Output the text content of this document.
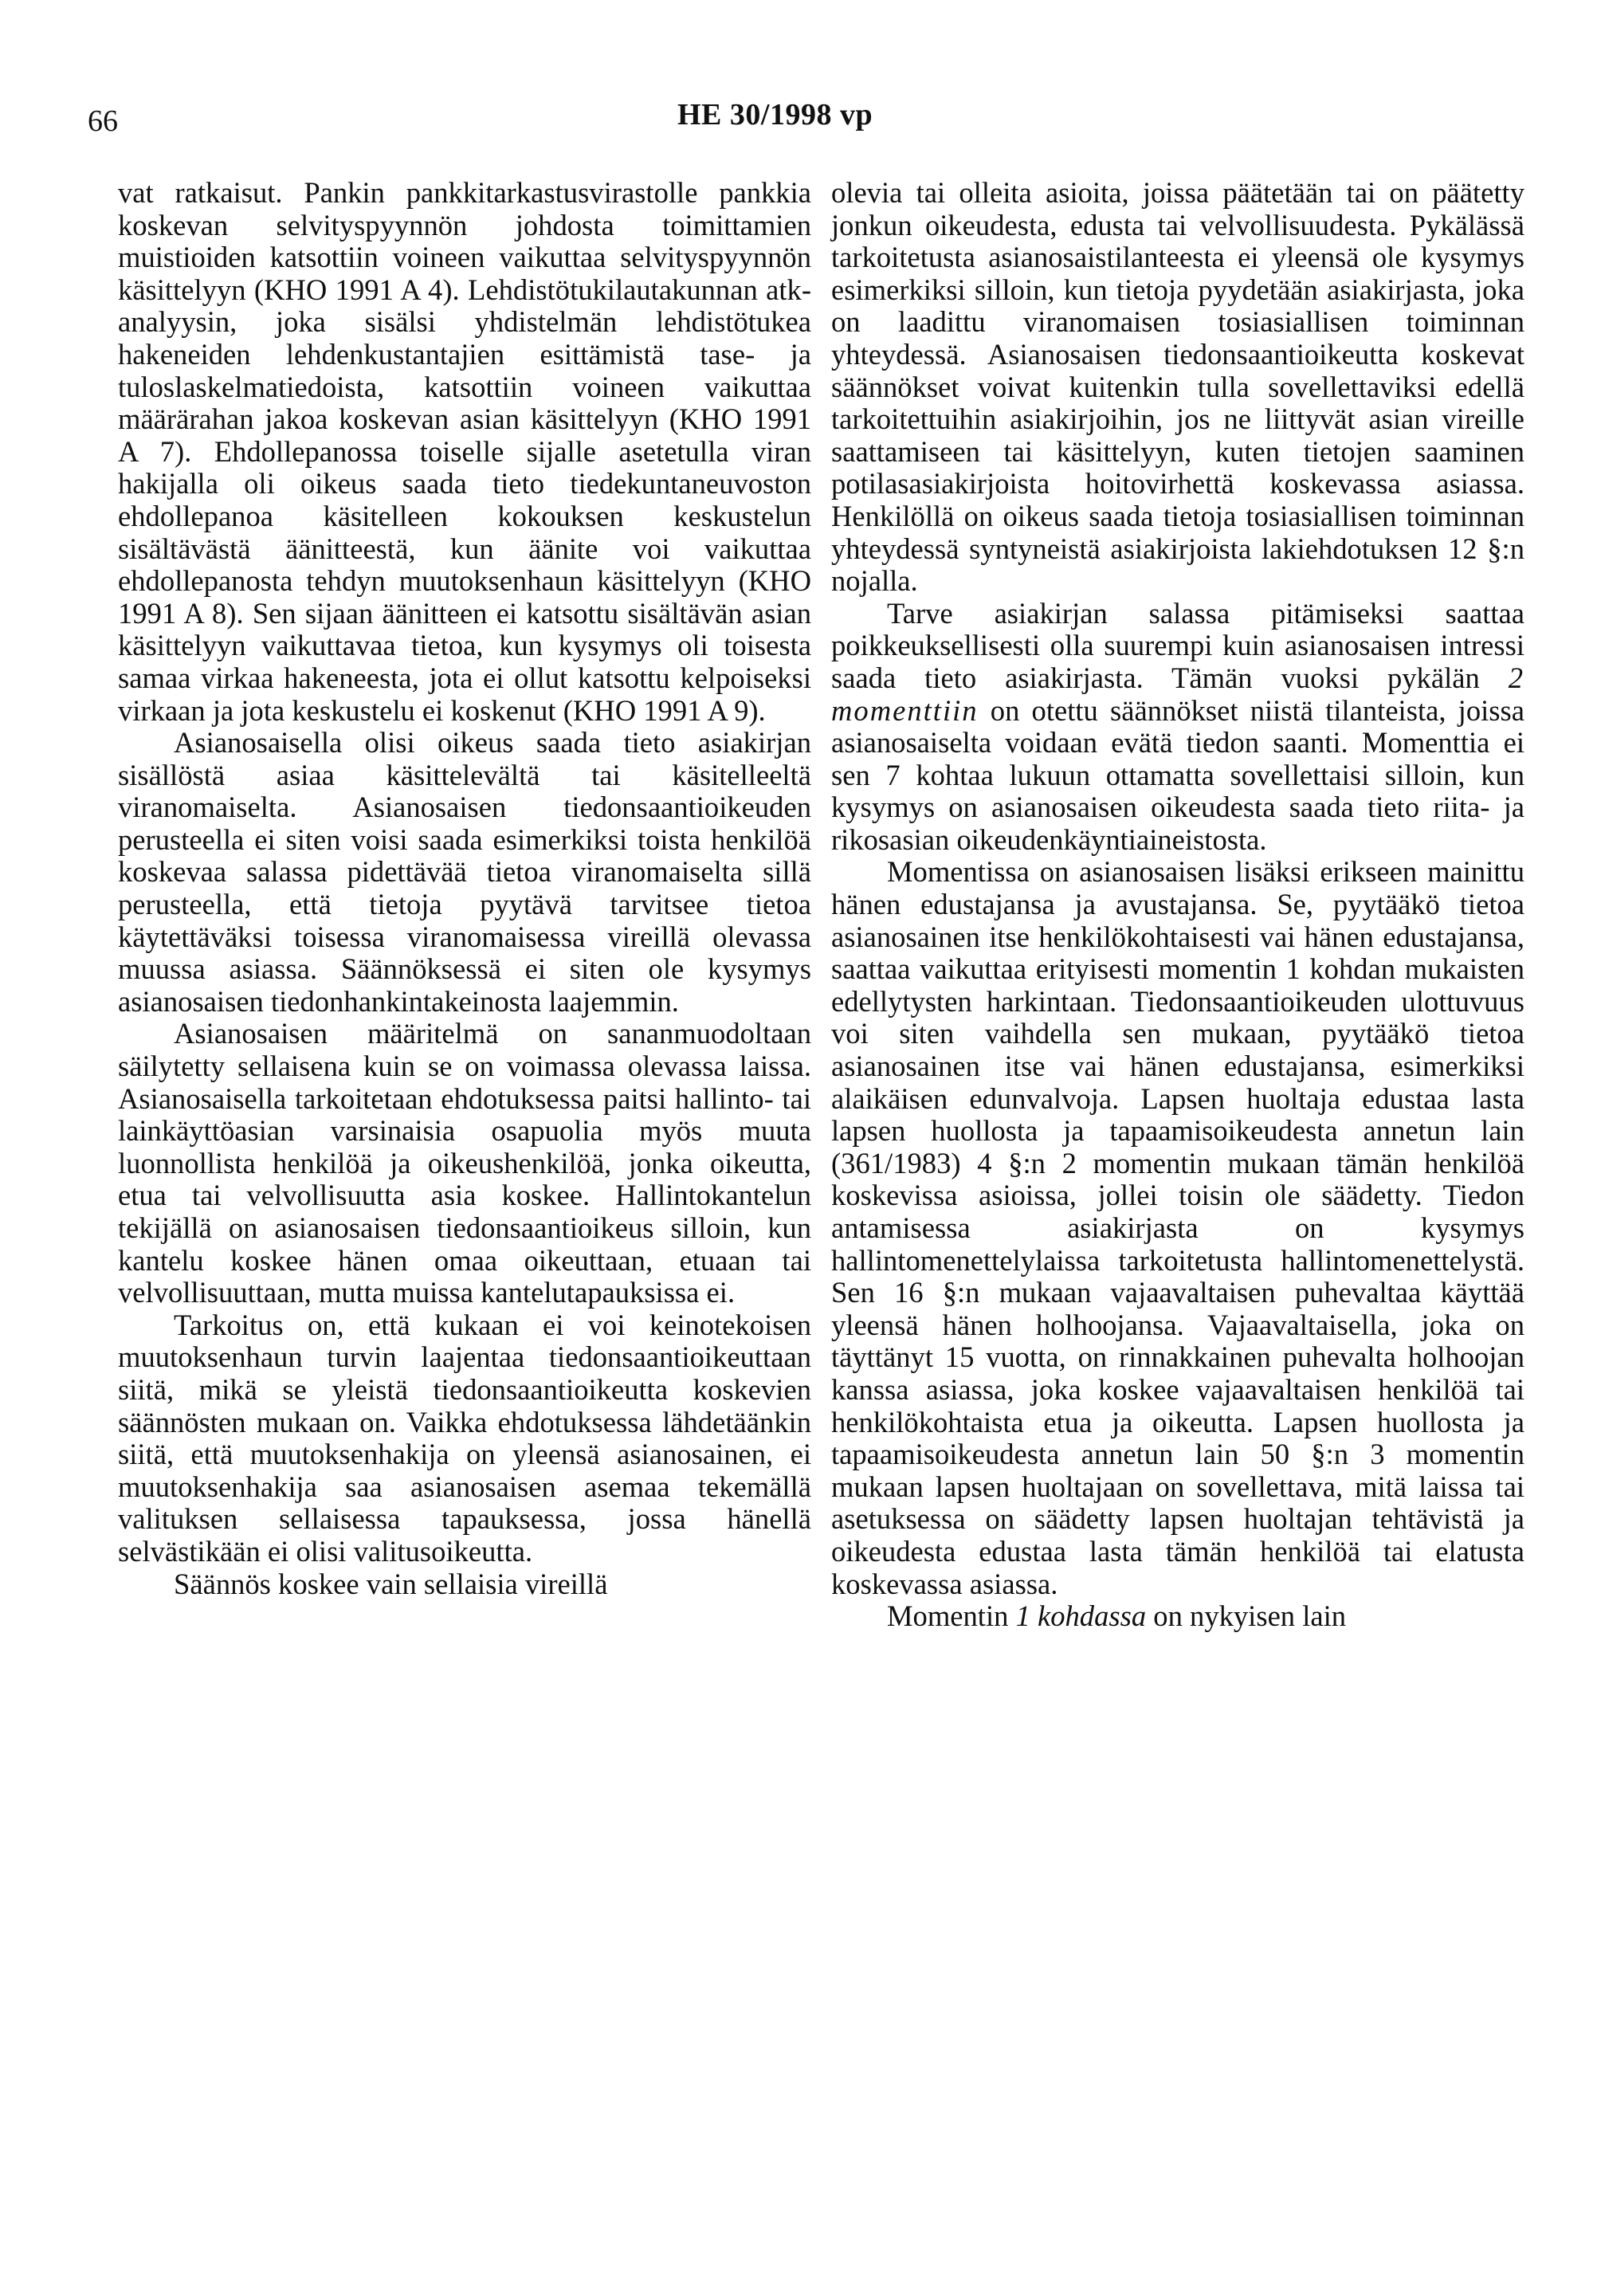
66	HE 30/1998 vp

vat ratkaisut. Pankin pankkitarkastusvirastolle pankkia koskevan selvityspyynnön johdosta toimittamien muistioiden katsottiin voineen vaikuttaa selvityspyynnön käsittelyyn (KHO 1991 A 4). Lehdistötukilautakunnan atk-analyysin, joka sisälsi yhdistelmän lehdistötukea hakeneiden lehdenkustantajien esittämistä tase- ja tuloslaskelmatiedoista, katsottiin voineen vaikuttaa määrärahan jakoa koskevan asian käsittelyyn (KHO 1991 A 7). Ehdollepanossa toiselle sijalle asetetulla viran hakijalla oli oikeus saada tieto tiedekuntaneuvoston ehdollepanoa käsitelleen kokouksen keskustelun sisältävästä äänitteestä, kun äänite voi vaikuttaa ehdollepanosta tehdyn muutoksenhaun käsittelyyn (KHO 1991 A 8). Sen sijaan äänitteen ei katsottu sisältävän asian käsittelyyn vaikuttavaa tietoa, kun kysymys oli toisesta samaa virkaa hakeneesta, jota ei ollut katsottu kelpoiseksi virkaan ja jota keskustelu ei koskenut (KHO 1991 A 9).

Asianosaisella olisi oikeus saada tieto asiakirjan sisällöstä asiaa käsittelevältä tai käsitelleeltä viranomaiselta. Asianosaisen tiedonsaantioikeuden perusteella ei siten voisi saada esimerkiksi toista henkilöä koskevaa salassa pidettävää tietoa viranomaiselta sillä perusteella, että tietoja pyytävä tarvitsee tietoa käytettäväksi toisessa viranomaisessa vireillä olevassa muussa asiassa. Säännöksessä ei siten ole kysymys asianosaisen tiedonhankintakeinosta laajemmin.

Asianosaisen määritelmä on sananmuodoltaan säilytetty sellaisena kuin se on voimassa olevassa laissa. Asianosaisella tarkoitetaan ehdotuksessa paitsi hallinto- tai lainkäyttöasian varsinaisia osapuolia myös muuta luonnollista henkilöä ja oikeushenkilöä, jonka oikeutta, etua tai velvollisuutta asia koskee. Hallintokantelun tekijällä on asianosaisen tiedonsaantioikeus silloin, kun kantelu koskee hänen omaa oikeuttaan, etuaan tai velvollisuuttaan, mutta muissa kantelutapauksissa ei.

Tarkoitus on, että kukaan ei voi keinotekoisen muutoksenhaun turvin laajentaa tiedonsaantioikeuttaan siitä, mikä se yleistä tiedonsaantioikeutta koskevien säännösten mukaan on. Vaikka ehdotuksessa lähdetäänkin siitä, että muutoksenhakija on yleensä asianosainen, ei muutoksenhakija saa asianosaisen asemaa tekemällä valituksen sellaisessa tapauksessa, jossa hänellä selvästikään ei olisi valitusoikeutta.

Säännös koskee vain sellaisia vireillä

olevia tai olleita asioita, joissa päätetään tai on päätetty jonkun oikeudesta, edusta tai velvollisuudesta. Pykälässä tarkoitetusta asianosaistilanteesta ei yleensä ole kysymys esimerkiksi silloin, kun tietoja pyydetään asiakirjasta, joka on laadittu viranomaisen tosiasiallisen toiminnan yhteydessä. Asianosaisen tiedonsaantioikeutta koskevat säännökset voivat kuitenkin tulla sovellettaviksi edellä tarkoitettuihin asiakirjoihin, jos ne liittyvät asian vireille saattamiseen tai käsittelyyn, kuten tietojen saaminen potilasasiakirjoista hoitovirhettä koskevassa asiassa. Henkilöllä on oikeus saada tietoja tosiasiallisen toiminnan yhteydessä syntyneistä asiakirjoista lakiehdotuksen 12 §:n nojalla.

Tarve asiakirjan salassa pitämiseksi saattaa poikkeuksellisesti olla suurempi kuin asianosaisen intressi saada tieto asiakirjasta. Tämän vuoksi pykälän 2 momenttiin on otettu säännökset niistä tilanteista, joissa asianosaiselta voidaan evätä tiedon saanti. Momenttia ei sen 7 kohtaa lukuun ottamatta sovellettaisi silloin, kun kysymys on asianosaisen oikeudesta saada tieto riita- ja rikosasian oikeudenkäyntiaineistosta.

Momentissa on asianosaisen lisäksi erikseen mainittu hänen edustajansa ja avustajansa. Se, pyytääkö tietoa asianosainen itse henkilökohtaisesti vai hänen edustajansa, saattaa vaikuttaa erityisesti momentin 1 kohdan mukaisten edellytysten harkintaan. Tiedonsaantioikeuden ulottuvuus voi siten vaihdella sen mukaan, pyytääkö tietoa asianosainen itse vai hänen edustajansa, esimerkiksi alaikäisen edunvalvoja. Lapsen huoltaja edustaa lasta lapsen huollosta ja tapaamisoikeudesta annetun lain (361/1983) 4 §:n 2 momentin mukaan tämän henkilöä koskevissa asioissa, jollei toisin ole säädetty. Tiedon antamisessa asiakirjasta on kysymys hallintomenettelylaissa tarkoitetusta hallintomenettelystä. Sen 16 §:n mukaan vajaavaltaisen puhevaltaa käyttää yleensä hänen holhoojansa. Vajaavaltaisella, joka on täyttänyt 15 vuotta, on rinnakkainen puhevalta holhoojan kanssa asiassa, joka koskee vajaavaltaisen henkilöä tai henkilökohtaista etua ja oikeutta. Lapsen huollosta ja tapaamisoikeudesta annetun lain 50 §:n 3 momentin mukaan lapsen huoltajaan on sovellettava, mitä laissa tai asetuksessa on säädetty lapsen huoltajan tehtävistä ja oikeudesta edustaa lasta tämän henkilöä tai elatusta koskevassa asiassa.

Momentin 1 kohdassa on nykyisen lain
